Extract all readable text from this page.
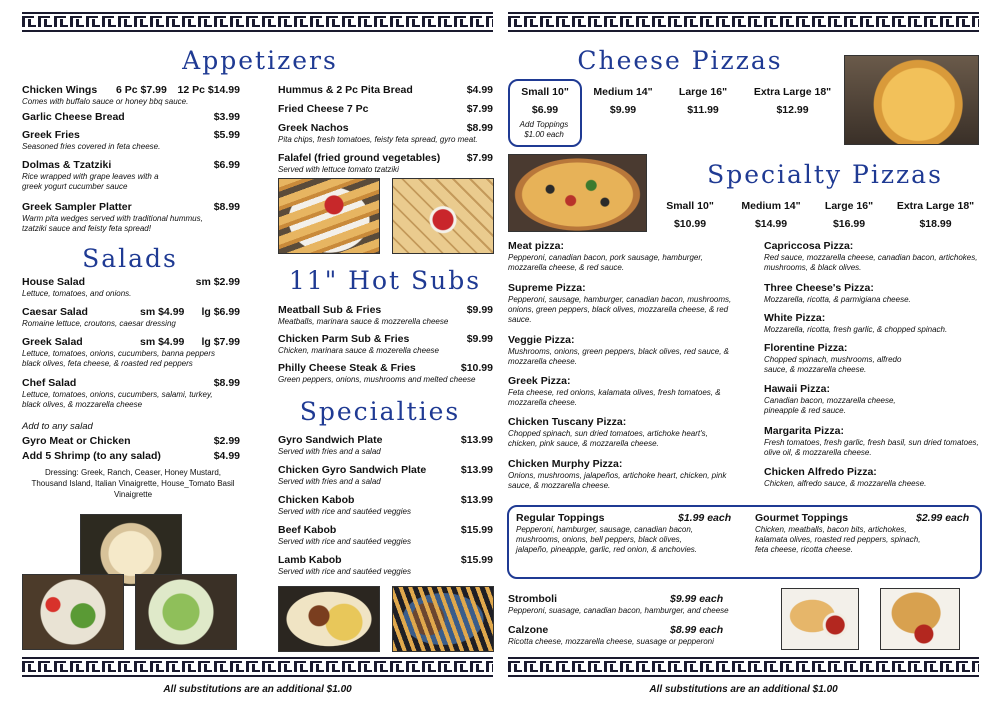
Appetizers
Chicken Wings 6 Pc $7.99 12 Pc $14.99
Comes with buffalo sauce or honey bbq sauce.
Garlic Cheese Bread	$3.99
Greek Fries	$5.99
Seasoned fries covered in feta cheese.
Dolmas & Tzatziki	$6.99
Rice wrapped with grape leaves with a greek yogurt cucumber sauce
Greek Sampler Platter	$8.99
Warm pita wedges served with traditional hummus, tzatziki sauce and feisty feta spread!
Salads
House Salad	sm $2.99
Lettuce, tomatoes, and onions.
Caesar Salad	sm $4.99 lg $6.99
Romaine lettuce, croutons, caesar dressing
Greek Salad	sm $4.99 lg $7.99
Lettuce, tomatoes, onions, cucumbers, banna peppers black olives, feta cheese, & roasted red peppers
Chef Salad	$8.99
Lettuce, tomatoes, onions, cucumbers, salami, turkey, black olives, & mozzarella cheese
Add to any salad
Gyro Meat or Chicken	$2.99
Add 5 Shrimp (to any salad)	$4.99
Dressing: Greek, Ranch, Ceaser, Honey Mustard, Thousand Island, Italian Vinaigrette, House_Tomato Basil Vinaigrette
All substitutions are an additional $1.00
Hummus & 2 Pc Pita Bread	$4.99
Fried Cheese 7 Pc	$7.99
Greek Nachos	$8.99
Pita chips, fresh tomatoes, feisty feta spread, gyro meat.
Falafel (fried ground vegetables)	$7.99
Served with lettuce tomato tzatziki
11" Hot Subs
Meatball Sub & Fries	$9.99
Meatballs, marinara sauce & mozzerella cheese
Chicken Parm Sub & Fries	$9.99
Chicken, marinara sauce & mozerella cheese
Philly Cheese Steak & Fries	$10.99
Green peppers, onions, mushrooms and melted cheese
Specialties
Gyro Sandwich Plate	$13.99
Served with fries and a salad
Chicken Gyro Sandwich Plate	$13.99
Served with fries and a salad
Chicken Kabob	$13.99
Served with rice and sautéed veggies
Beef Kabob	$15.99
Served with rice and sautéed veggies
Lamb Kabob	$15.99
Served with rice and sautéed veggies
Cheese Pizzas
Small 10"
$6.99
Add Toppings $1.00 each
Medium 14"
$9.99
Large 16"
$11.99
Extra Large 18"
$12.99
Specialty Pizzas
Small 10"
$10.99
Medium 14"
$14.99
Large 16"
$16.99
Extra Large 18"
$18.99
Meat pizza:
Pepperoni, canadian bacon, pork sausage, hamburger, mozzarella cheese, & red sauce.
Supreme Pizza:
Pepperoni, sausage, hamburger, canadian bacon, mushrooms, onions, green peppers, black olives, mozzarella cheese, & red sauce.
Veggie Pizza:
Mushrooms, onions, green peppers, black olives, red sauce, & mozzarella cheese.
Greek Pizza:
Feta cheese, red onions, kalamata olives, fresh tomatoes, & mozzarella cheese.
Chicken Tuscany Pizza:
Chopped spinach, sun dried tomatoes, artichoke heart's, chicken, pink sauce, & mozzarella cheese.
Chicken Murphy Pizza:
Onions, mushrooms, jalapeños, artichoke heart, chicken, pink sauce, & mozzarella cheese.
Capriccosa Pizza:
Red sauce, mozzarella cheese, canadian bacon, artichokes, mushrooms, & black olives.
Three Cheese's Pizza:
Mozzarella, ricotta, & parmigiana cheese.
White Pizza:
Mozzarella, ricotta, fresh garlic, & chopped spinach.
Florentine Pizza:
Chopped spinach, mushrooms, alfredo sauce, & mozzarella cheese.
Hawaii Pizza:
Canadian bacon, mozzarella cheese, pineapple & red sauce.
Margarita Pizza:
Fresh tomatoes, fresh garlic, fresh basil, sun dried tomatoes, olive oil, & mozzarella cheese.
Chicken Alfredo Pizza:
Chicken, alfredo sauce, & mozzarella cheese.
Regular Toppings	$1.99 each
Pepperoni, hamburger, sausage, canadian bacon, mushrooms, onions, bell peppers, black olives, jalapeño, pineapple, garlic, red onion, & anchovies.
Gourmet Toppings	$2.99 each
Chicken, meatballs, bacon bits, artichokes, kalamata olives, roasted red peppers, spinach, feta cheese, ricotta cheese.
Stromboli	$9.99 each
Pepperoni, suasage, canadian bacon, hamburger, and cheese
Calzone	$8.99 each
Ricotta cheese, mozzarella cheese, suasage or pepperoni
All substitutions are an additional $1.00
